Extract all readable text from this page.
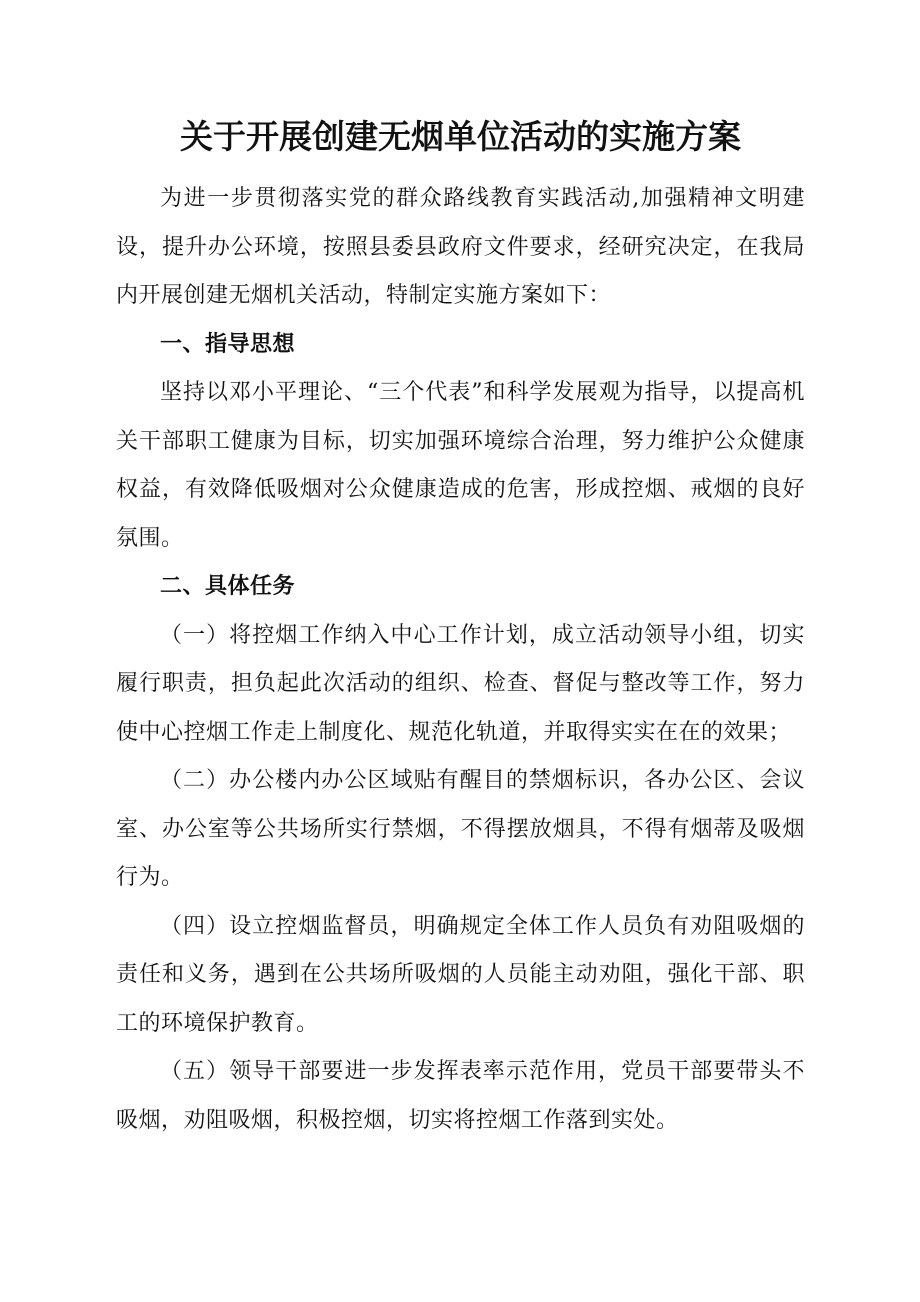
关于开展创建无烟单位活动的实施方案

为进一步贯彻落实党的群众路线教育实践活动,加强精神文明建设，提升办公环境，按照县委县政府文件要求，经研究决定，在我局内开展创建无烟机关活动，特制定实施方案如下：

一、指导思想

坚持以邓小平理论、“三个代表”和科学发展观为指导，以提高机关干部职工健康为目标，切实加强环境综合治理，努力维护公众健康权益，有效降低吸烟对公众健康造成的危害，形成控烟、戒烟的良好氛围。

二、具体任务

（一）将控烟工作纳入中心工作计划，成立活动领导小组，切实履行职责，担负起此次活动的组织、检查、督促与整改等工作，努力使中心控烟工作走上制度化、规范化轨道，并取得实实在在的效果；

（二）办公楼内办公区域贴有醒目的禁烟标识，各办公区、会议室、办公室等公共场所实行禁烟，不得摆放烟具，不得有烟蒂及吸烟行为。

（四）设立控烟监督员，明确规定全体工作人员负有劝阻吸烟的责任和义务，遇到在公共场所吸烟的人员能主动劝阻，强化干部、职工的环境保护教育。

（五）领导干部要进一步发挥表率示范作用，党员干部要带头不吸烟，劝阻吸烟，积极控烟，切实将控烟工作落到实处。
